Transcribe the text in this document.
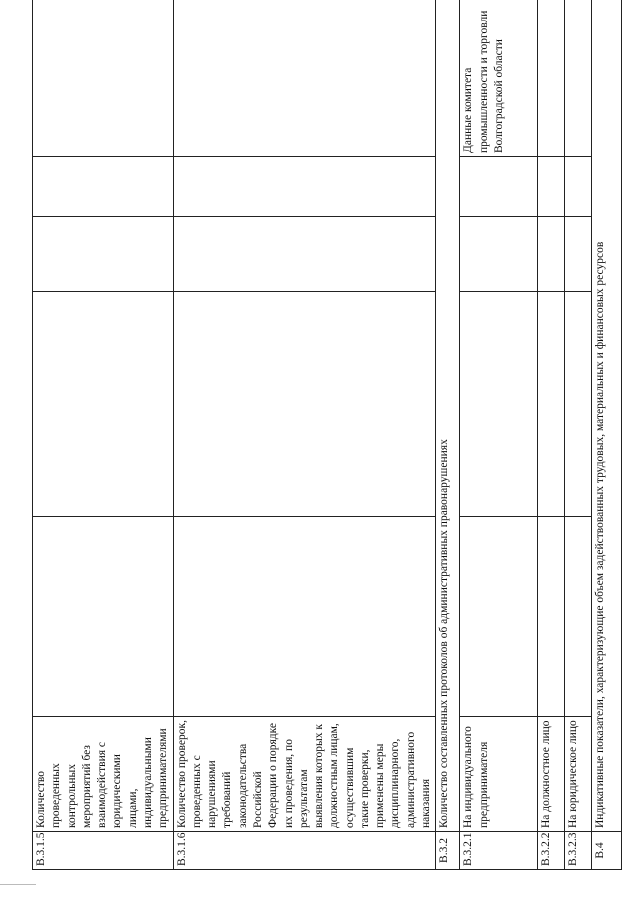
В.3.1.5	Количество проведенных контрольных мероприятий без взаимодействия с юридическими лицами, индивидуальными предпринимателями					
В.3.1.6	Количество проверок, проведенных с нарушениями требований законодательства Российской Федерации о порядке их проведения, по результатам выявления которых к должностным лицам, осуществившим такие проверки, применены меры дисциплинарного, административного наказания					
В.3.2	Количество составленных протоколов об административных правонарушениях					
В.3.2.1	На индивидуального предпринимателя					Данные комитета промышленности и торговли Волгоградской области
В.3.2.2	На должностное лицо					
В.3.2.3	На юридическое лицо					
В.4	Индикативные показатели, характеризующие объем задействованных трудовых, материальных и финансовых ресурсов					
